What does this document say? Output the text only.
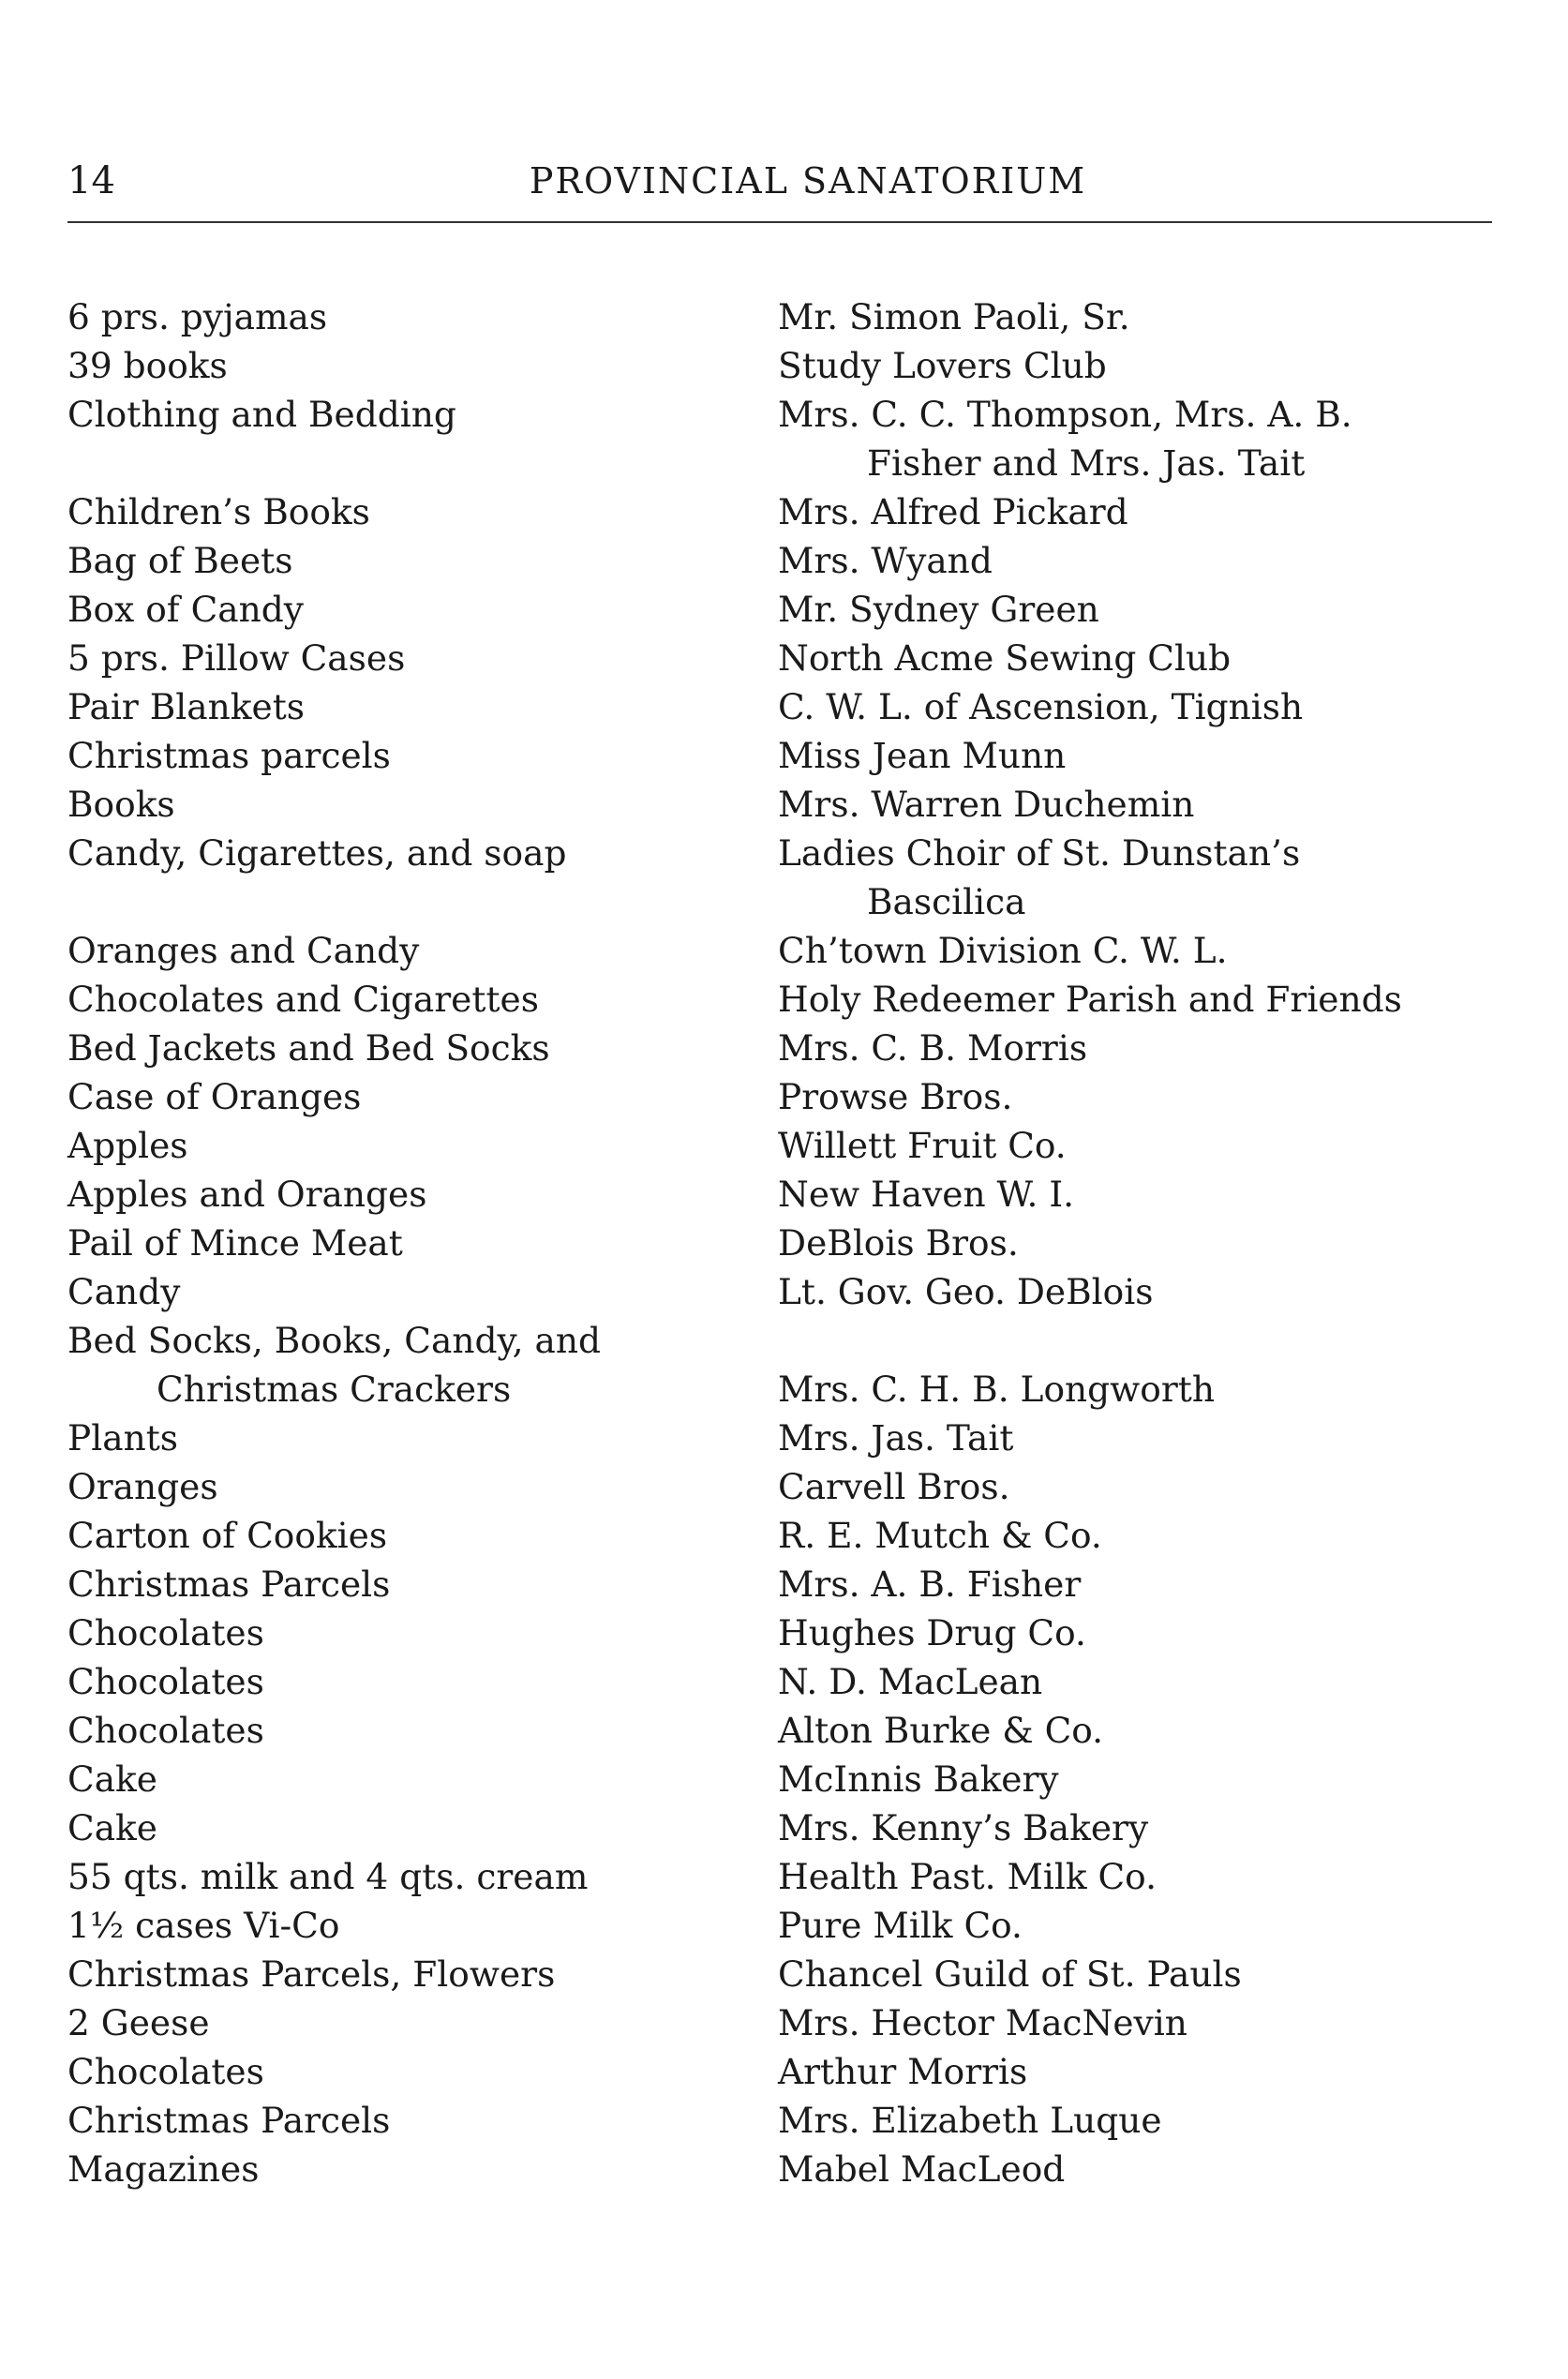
14	PROVINCIAL SANATORIUM
6 prs. pyjamas
39 books
Clothing and Bedding
Children’s Books
Bag of Beets
Box of Candy
5 prs. Pillow Cases
Pair Blankets
Christmas parcels
Books
Candy, Cigarettes, and soap
Oranges and Candy
Chocolates and Cigarettes
Bed Jackets and Bed Socks
Case of Oranges
Apples
Apples and Oranges
Pail of Mince Meat
Candy
Bed Socks, Books, Candy, and
Christmas Crackers
Plants
Oranges
Carton of Cookies
Christmas Parcels
Chocolates
Chocolates
Chocolates
Cake
Cake
55 qts. milk and 4 qts. cream
1½ cases Vi-Co
Christmas Parcels, Flowers
2 Geese
Chocolates
Christmas Parcels
Magazines
Mr. Simon Paoli, Sr.
Study Lovers Club
Mrs. C. C. Thompson, Mrs. A. B.
Fisher and Mrs. Jas. Tait
Mrs. Alfred Pickard
Mrs. Wyand
Mr. Sydney Green
North Acme Sewing Club
C. W. L. of Ascension, Tignish
Miss Jean Munn
Mrs. Warren Duchemin
Ladies Choir of St. Dunstan’s
Bascilica
Ch’town Division C. W. L.
Holy Redeemer Parish and Friends
Mrs. C. B. Morris
Prowse Bros.
Willett Fruit Co.
New Haven W. I.
DeBlois Bros.
Lt. Gov. Geo. DeBlois
Mrs. C. H. B. Longworth
Mrs. Jas. Tait
Carvell Bros.
R. E. Mutch & Co.
Mrs. A. B. Fisher
Hughes Drug Co.
N. D. MacLean
Alton Burke & Co.
McInnis Bakery
Mrs. Kenny’s Bakery
Health Past. Milk Co.
Pure Milk Co.
Chancel Guild of St. Pauls
Mrs. Hector MacNevin
Arthur Morris
Mrs. Elizabeth Luque
Mabel MacLeod
